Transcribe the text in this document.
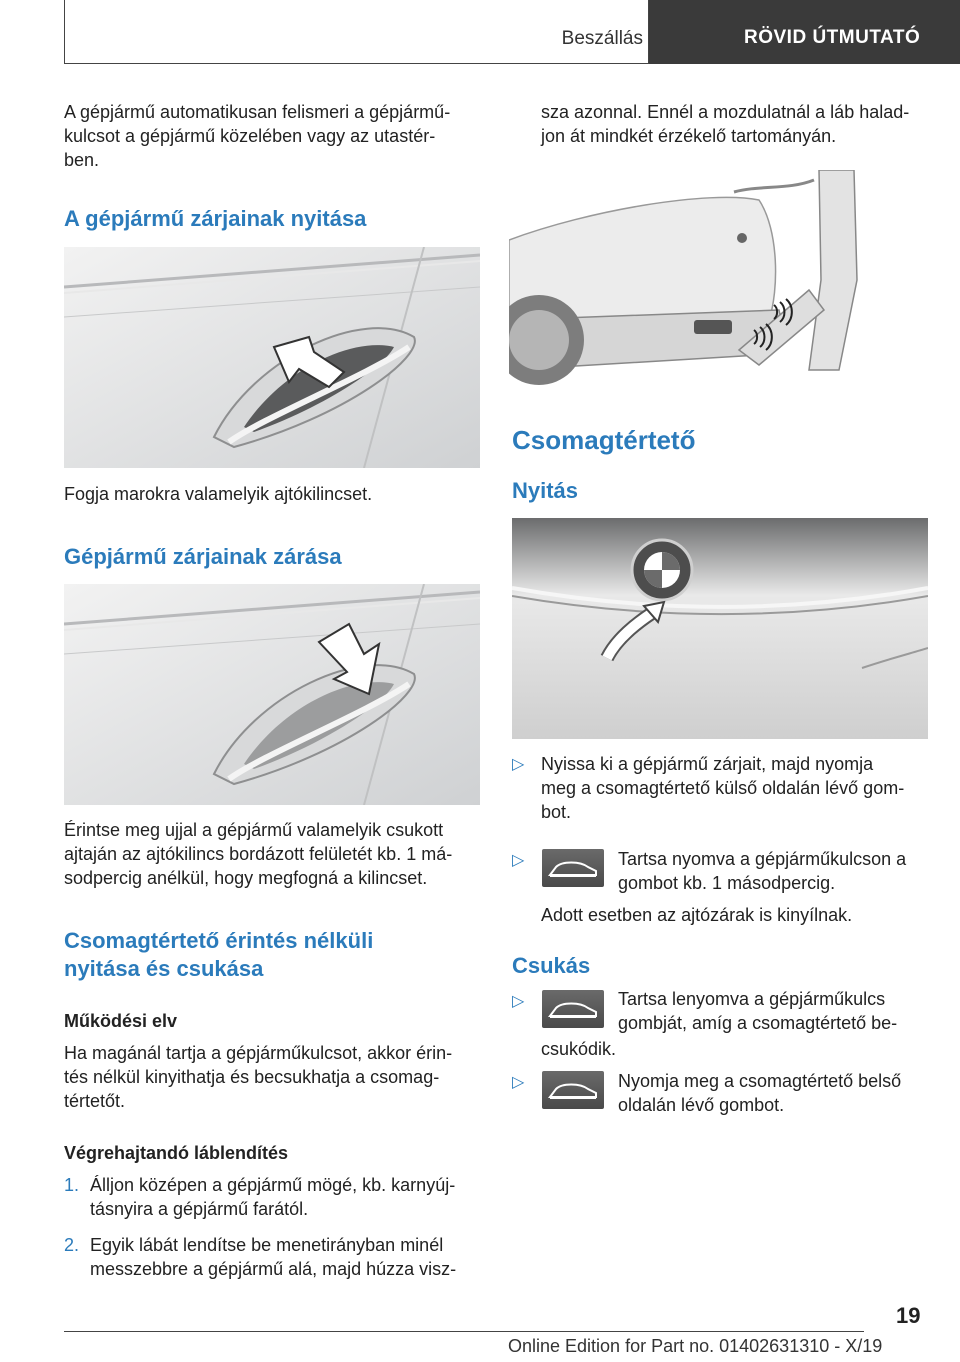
Beszállás	RÖVID ÚTMUTATÓ
A gépjármű automatikusan felismeri a gépjármű-
kulcsot a gépjármű közelében vagy az utastér-
ben.
A gépjármű zárjainak nyitása
Fogja marokra valamelyik ajtókilincset.
Gépjármű zárjainak zárása
Érintse meg ujjal a gépjármű valamelyik csukott
ajtaján az ajtókilincs bordázott felületét kb. 1 má-
sodpercig anélkül, hogy megfogná a kilincset.
Csomagtértető érintés nélküli
nyitása és csukása
Működési elv
Ha magánál tartja a gépjárműkulcsot, akkor érin-
tés nélkül kinyithatja és becsukhatja a csomag-
tértetőt.
Végrehajtandó láblendítés
1. Álljon középen a gépjármű mögé, kb. karnyúj-
tásnyira a gépjármű farától.
2. Egyik lábát lendítse be menetirányban minél
messzebbre a gépjármű alá, majd húzza visz-
sza azonnal. Ennél a mozdulatnál a láb halad-
jon át mindkét érzékelő tartományán.
Csomagtértető
Nyitás
▷ Nyissa ki a gépjármű zárjait, majd nyomja
meg a csomagtértető külső oldalán lévő gom-
bot.
▷	Tartsa nyomva a gépjárműkulcson a
gombot kb. 1 másodpercig.
Adott esetben az ajtózárak is kinyílnak.
Csukás
▷	Tartsa lenyomva a gépjárműkulcs
gombját, amíg a csomagtértető be-
csukódik.
▷	Nyomja meg a csomagtértető belső
oldalán lévő gombot.
19
Online Edition for Part no. 01402631310 - X/19
